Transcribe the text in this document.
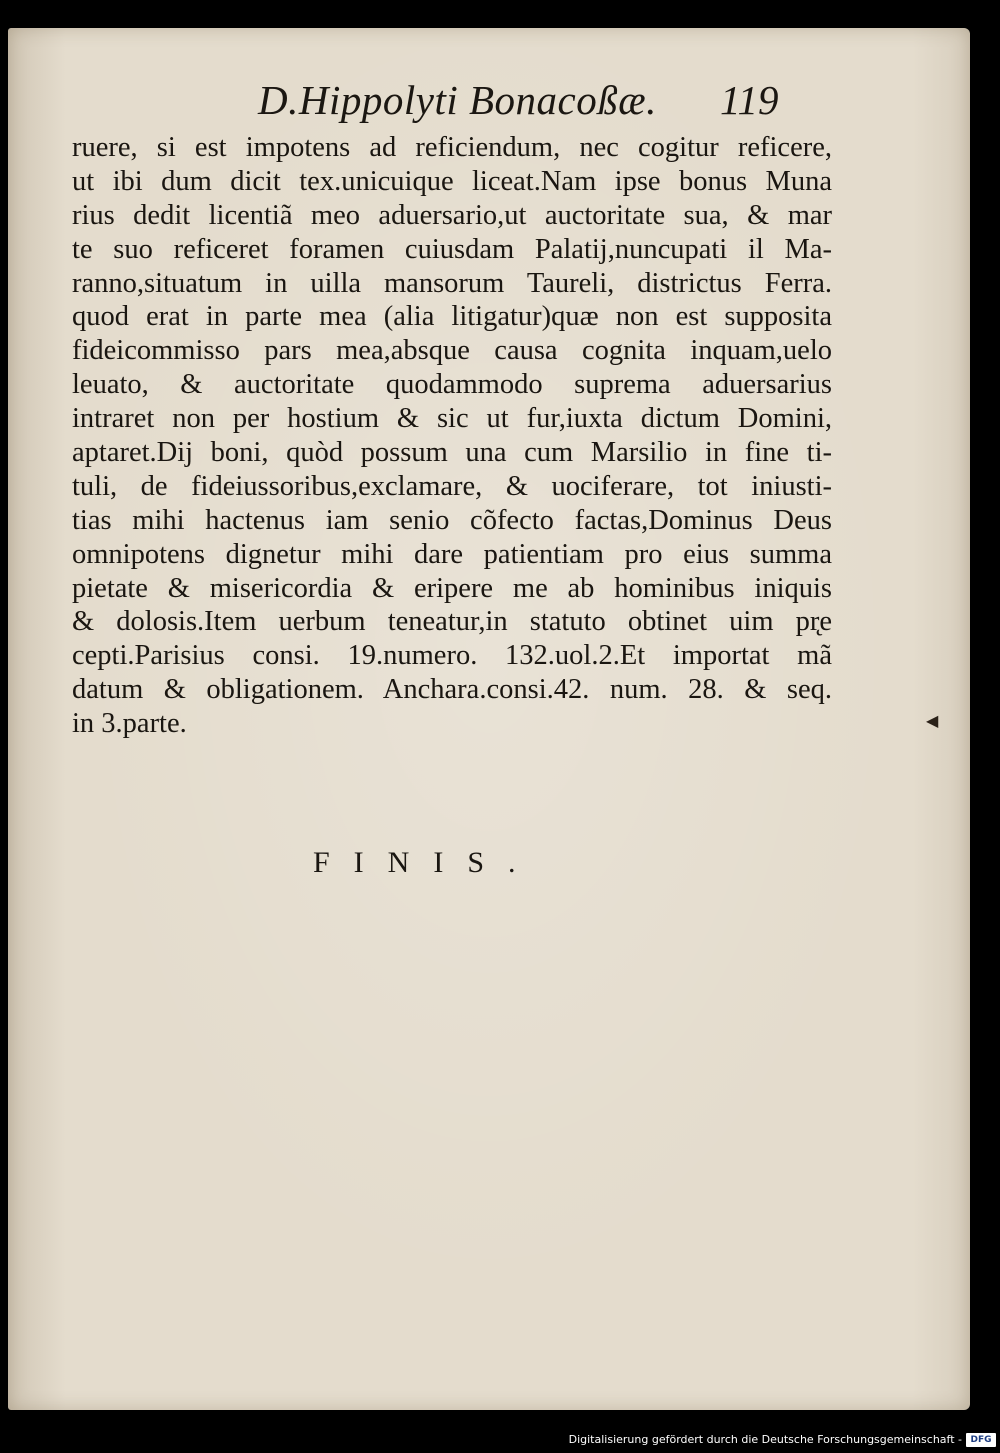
D.Hippolyti Bonacoßæ. 119
ruere, si est impotens ad reficiendum, nec cogitur reficere,
ut ibi dum dicit tex.unicuique liceat.Nam ipse bonus Muna
rius dedit licentiã meo aduersario,ut auctoritate sua, & mar
te suo reficeret foramen cuiusdam Palatij,nuncupati il Ma-
ranno,situatum in uilla mansorum Taureli, districtus Ferra.
quod erat in parte mea (alia litigatur)quæ non est supposita
fideicommisso pars mea,absque causa cognita inquam,uelo
leuato, & auctoritate quodammodo suprema aduersarius
intraret non per hostium & sic ut fur,iuxta dictum Domini,
aptaret.Dij boni, quòd possum una cum Marsilio in fine ti-
tuli, de fideiussoribus,exclamare, & uociferare, tot iniusti-
tias mihi hactenus iam senio cõfecto factas,Dominus Deus
omnipotens dignetur mihi dare patientiam pro eius summa
pietate & misericordia & eripere me ab hominibus iniquis
& dolosis.Item uerbum teneatur,in statuto obtinet uim pr̨e
cepti.Parisius consi. 19.numero. 132.uol.2.Et importat mã
datum & obligationem. Anchara.consi.42. num. 28. & seq.
in 3.parte.
FINIS.
◀
Digitalisierung gefördert durch die Deutsche Forschungsgemeinschaft - DFG
